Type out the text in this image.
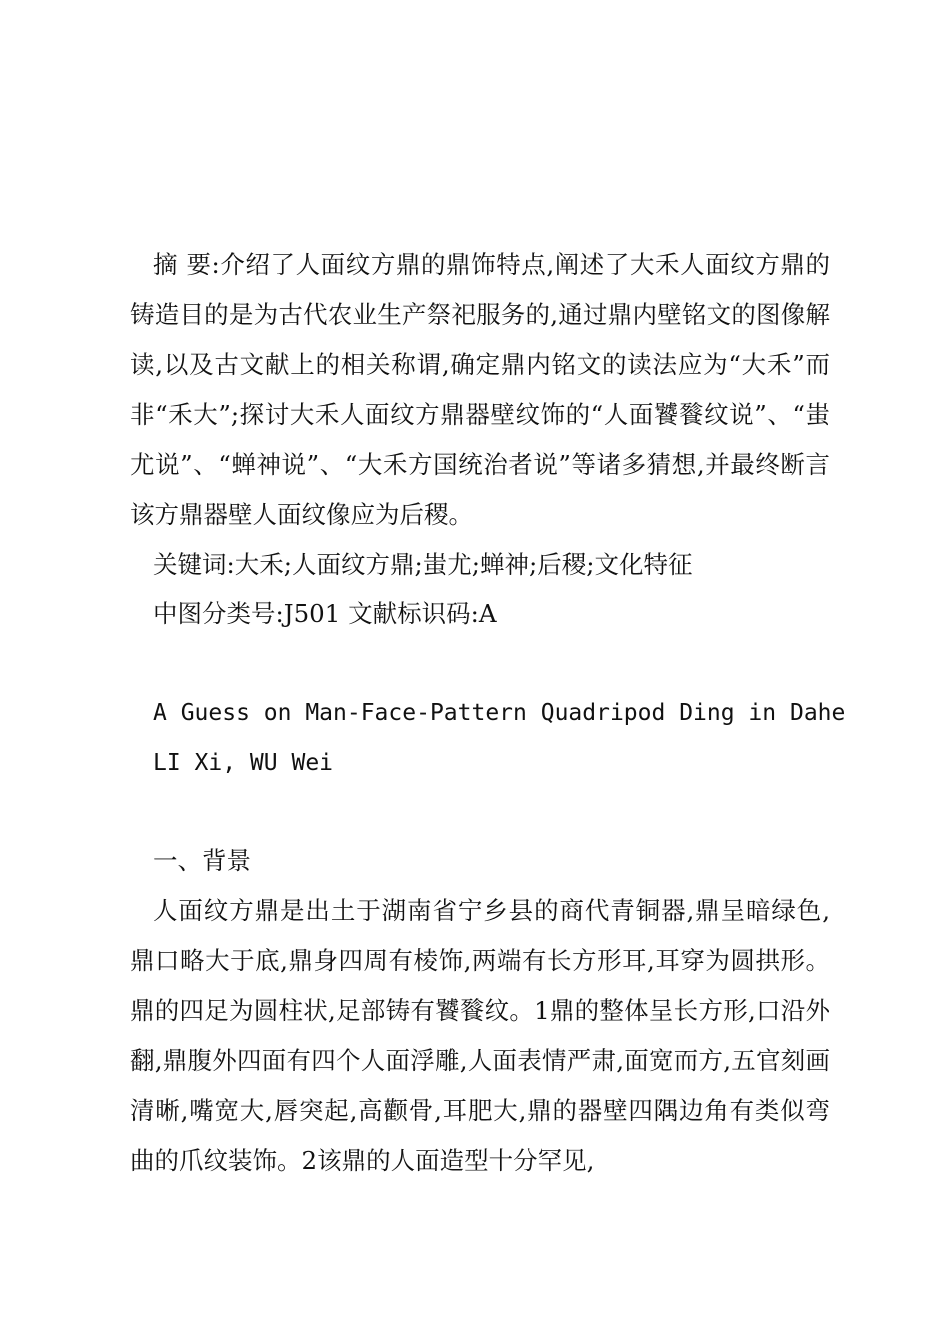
摘 要:介绍了人面纹方鼎的鼎饰特点,阐述了大禾人面纹方鼎的铸造目的是为古代农业生产祭祀服务的,通过鼎内壁铭文的图像解读,以及古文献上的相关称谓,确定鼎内铭文的读法应为“大禾”而非“禾大”;探讨大禾人面纹方鼎器壁纹饰的“人面饕餮纹说”、“蚩尤说”、“蝉神说”、“大禾方国统治者说”等诸多猜想,并最终断言该方鼎器壁人面纹像应为后稷。

关键词:大禾;人面纹方鼎;蚩尤;蝉神;后稷;文化特征

中图分类号:J501 文献标识码:A

A Guess on Man-Face-Pattern Quadripod Ding in Dahe

LI Xi, WU Wei

一、背景

人面纹方鼎是出土于湖南省宁乡县的商代青铜器,鼎呈暗绿色,鼎口略大于底,鼎身四周有棱饰,两端有长方形耳,耳穿为圆拱形。鼎的四足为圆柱状,足部铸有饕餮纹。1鼎的整体呈长方形,口沿外翻,鼎腹外四面有四个人面浮雕,人面表情严肃,面宽而方,五官刻画清晰,嘴宽大,唇突起,高颧骨,耳肥大,鼎的器壁四隅边角有类似弯曲的爪纹装饰。2该鼎的人面造型十分罕见,
